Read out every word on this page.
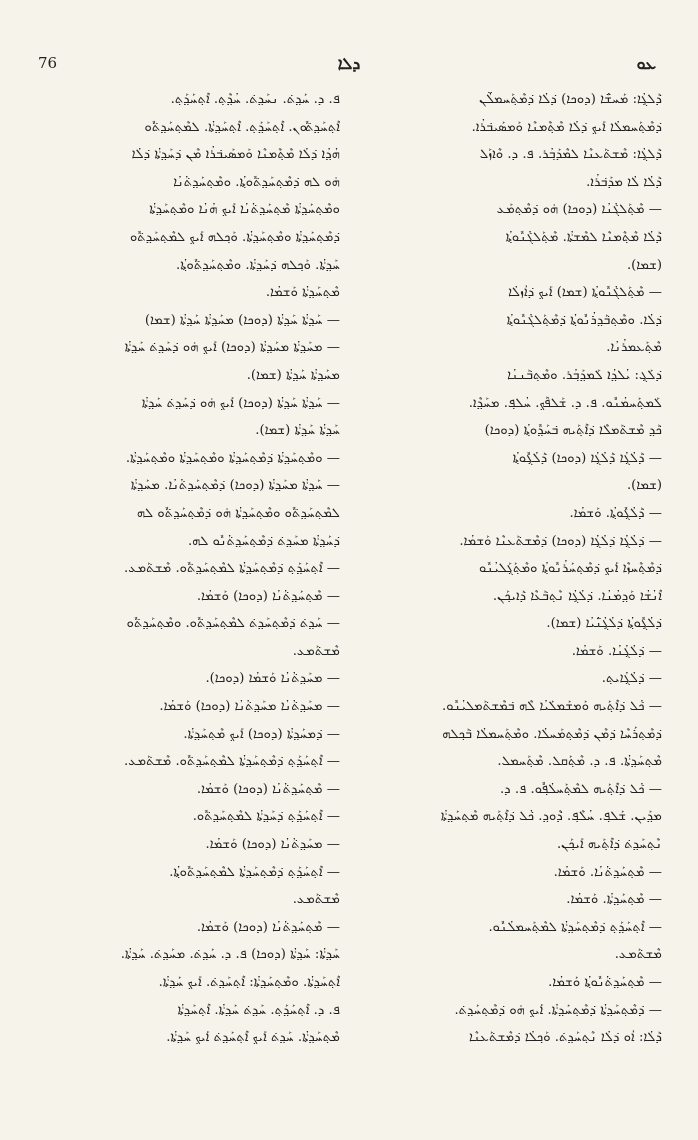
76	ܕܠܐ	ܥܘ
ܕ݁ܰܠܓ݂ܳܐ: ܡܰܚܫ̈ܳܐ (ܕܘܟܐ) ܕ݁ܠܳܐ ܕ݁ܡܶܬ݂ܰܚܡܠ̈ܳܢ
ܕ݁ܡܶܬ݂ܰܚܡܠܳܐ ܐܰܝܟ݂ ܕ݁ܠܳܐ ܡܶܬ݂ܶܡܢܶܐ ܘܰܡܣܰܝܒ݁ܪܳܐ.
ܕ݁ܰܠܓ݂ܳܐ: ܡܶܫܬ݁ܰܥܢܶܐ ܠܡܶܕܰܒ݂ܳܪ. ܦ. ܕ. ܘܶܐܙܰܠ
ܕ݁ܰܠܳܐ ܠܳܐ ܡܕܰܒ݁ܪܳܐ.
— ܡܶܬ݂ܰܠܓ݁ܳܢܳܐ (ܕܘܟܐ) ܗ̇ܘ ܕ݁ܡܶܬ݂ܡܰܥ
ܕ݁ܰܠܳܐ ܡܶܬ݂ܶܡܢܶܐ ܠܡܶܫܬ݁ܳܐ. ܡܶܬ݂ܰܠܓ݁ܳܢܽܘܬ݂ܳܐ
(ܫܡܐ).
— ܡܶܬ݂ܰܠܓ݁ܳܢܽܘܬ݂ܳܐ (ܫܡܐ) ܐܰܝܟ݂ ܕ݁ܐܳܙܠܳܐ
ܕ݁ܠܳܐ. ܘܡܶܬ݂ܒ݁ܰܕ݂ܪܳܢܽܘܬ݂ܳܐ ܕ݁ܡܶܬ݂ܰܠܓ݁ܳܢܽܘܬ݂ܳܐ
ܡܶܬ݂ܰܥܡܪܳܢܳܐ.
ܕ݁ܠܰܓ݂: ܝܳܠܕ݂ܳܐ ܠܰܡܕ݂ܰܒ݂ܳܪ. ܘܡܶܬ݂ܒ݁ܰܢܢܳܐ
ܠܰܡܬ݂ܰܚܡܳܢܽܘ. ܦ. ܕ. ܫܰܠܦ݁ܰܟ݂. ܚܳܠܦ݂. ܡܚܰܕ݂ܶܐ.
ܟ݁ܰܕ݂ ܡܶܫܬ݁ܰܡܠܶܐ ܕ݁ܐܶܬ݂ܰܝܗ ܒ݁ܚܰܕ݂ܽܘܬ݂ܳܐ (ܕܘܟܐ)
— ܕ݁ܰܠܳܓ݂ܳܐ ܕ݁ܰܠܳܓ݂ܳܐ (ܕܘܟܐ) ܕ݁ܰܠܳܓ݂ܽܘܬ݂ܳܐ
(ܫܡܐ).
— ܕ݁ܰܠܳܓ݂ܽܘܬ݂ܳܐ. ܘܰܫܡܳܐ.
— ܕ݁ܠܳܓ݂ܳܐ ܕ݁ܠܳܓ݂ܳܐ (ܕܘܟܐ) ܕ݁ܡܶܫܬ݁ܰܥܢܶܐ ܘܰܫܡܳܐ.
ܕ݁ܡܶܬ݂ܶܚܙܶܐ ܐܰܝܟ݂ ܕ݁ܡܶܬ݂ܚܰܪܳܢܽܘܬ݂ܳܐ ܘܡܶܬ݂ܰܓ݂ܰܠܝܳܢܽܘ
ܐܶܢܳܫܳܐ ܘܰܕ݂ܡܳܢܳܐ. ܕ݁ܠܳܓ݂ܳܐ ܢܶܬ݂ܒ݁ܰܥܶܐ ܕ݁ܰܐܝܟ݂ܰܢ.
ܕ݁ܠܳܓ݂ܽܘܬ݂ܳܐ ܕ݁ܠܳܓ݂ܳܢ̈ܳܝܳܐ (ܫܡܐ).
— ܕ݁ܠܳܓ݂ܳܢܳܐ. ܘܰܫܡܳܐ.
— ܕ݁ܠܳܓ݂ܳܐܝܬ݂.
— ܟ݁ܳܠ ܕ݁ܐܶܬ݂ܰܝܗ ܘܰܡܫܰܡܠܰܝܳܐ ܠܶܗ ܒ݁ܡܶܫܬ݁ܰܡܠܝܳܢܽܘ.
ܕ݁ܡܶܬ݂ܪܰܚܶܐ ܕ݁ܡܶܢ ܕ݁ܡܶܬ݂ܡܰܚܠܳܐ. ܘܡܶܬ݂ܰܚܡܠܳܐ ܒ݁ܰܟ݂ܠܗ
ܡܶܬ݂ܚܰܕ݂ܬ݁ܳܐ. ܦ. ܕ. ܡܶܬ݂ܰܩܠ. ܡܶܬ݂ܰܚܡܠ.
— ܟ݁ܳܠ ܕ݁ܐܶܬ݂ܰܝܗ ܠܡܶܬ݂ܰܚܠܳܦ݂ܽܘ. ܦ. ܕ.
ܡܕ݂ܰܝܢ. ܫܰܠܦ݂. ܚܳܠܶܦ݂. ܕ݁ܶܘܕ݂. ܟ݁ܳܠ ܕ݁ܐܶܬ݂ܰܝܗ ܡܶܬ݂ܚܰܕ݂ܬ݁ܳܐ
ܢܶܬ݂ܚܰܕ݂ܬ݁ ܕ݁ܐܶܬ݂ܰܝܗ ܐܰܝܟ݂ܰܢ.
— ܡܶܬ݂ܚܰܕ݂ܬ݁ܳܢܳܐ. ܘܰܫܡܳܐ.
— ܡܶܬ݂ܚܰܕ݂ܬ݁ܳܐ. ܘܰܫܡܳܐ.
— ܐܶܬ݂ܚܰܕ݂ܰܬ݂ ܕ݁ܡܶܬ݂ܚܰܕ݂ܬ݁ܳܐ ܠܡܶܬ݂ܰܚܡܠܳܢܽܘ.
ܡܶܫܬ݁ܰܡܥ.
— ܡܶܬ݂ܚܰܕ݂ܬ݁ܳܢܽܘܬ݂ܳܐ ܘܰܫܡܳܐ.
— ܕ݁ܡܶܬ݂ܚܰܕ݂ܬ݁ܳܐ ܕ݁ܡܶܬ݂ܚܰܕ݂ܬ݁ܳܐ. ܐܰܝܟ݂ ܗ̇ܘ ܕ݁ܡܶܬ݂ܚܰܕ݂ܬ݁.
ܕ݁ܰܠܳܐ: ܐܳܘ ܕ݁ܠܳܐ ܢܶܬ݂ܚܰܕ݂ܬ݁. ܘܰܟ݂ܠܳܐ ܕ݁ܡܶܫܬ݁ܰܥܢܶܐ
ܦ. ܕ. ܚܰܕ݂ܬ݁. ܢܚܰܕ݂ܬ݁. ܚܳܕ݂ܶܬ݂. ܐܶܬ݂ܚܰܕ݂ܰܬ݂.
ܐܶܬ݂ܚܰܕ݂ܬ݁ܽܘܢ. ܐܶܬ݂ܚܰܕ݂ܰܬ݂. ܐܶܬ݂ܚܰܕ݂ܬ݁ܳܐ. ܠܡܶܬ݂ܚܰܕ݂ܬ݁ܽܘ
ܗܳܕ݂ܳܐ ܕ݁ܠܳܐ ܡܶܬ݂ܶܡܢܶܐ ܘܰܡܣܰܝܒ݁ܪܳܐ ܡܶܢ ܕ݁ܚܰܕ݂ܬ݁ܳܐ ܕ݁ܠܳܐ
ܗ̇ܘ ܠܗ ܕ݁ܡܶܬ݂ܚܰܕ݂ܬ݁ܽܘܬ݂ܳܐ. ܘܡܶܬ݂ܚܰܕ݂ܬ݁ܳܢܳܐ
ܘܡܶܬ݂ܚܰܕ݂ܬ݁ܳܐ ܡܶܬ݂ܚܰܕ݂ܬ݁ܳܢܳܐ ܐܰܝܟ݂ ܗܳܢܳܐ ܘܡܶܬ݂ܚܰܕ݂ܬ݁ܳܐ
ܕ݁ܡܶܬ݂ܚܰܕ݂ܬ݁ܳܐ ܘܡܶܬ݂ܚܰܕ݂ܬ݁ܳܐ. ܘܰܟ݂ܠܗ ܐܰܝܟ݂ ܠܡܶܬ݂ܚܰܕ݂ܬ݁ܽܘ
ܚܰܕ݂ܬ݁ܳܐ. ܘܰܟ݂ܠܗ ܕ݁ܚܰܕ݂ܬ݁ܳܐ. ܘܡܶܬ݂ܚܰܕ݂ܬ݁ܽܘܬ݂ܳܐ.
ܡܶܬ݂ܚܰܕ݂ܬ݁ܳܐ ܘܰܫܡܳܐ.
— ܚܰܕ݂ܬ݁ܳܐ ܚܰܕ݂ܬ݁ܳܐ (ܕܘܟܐ) ܡܚܰܕ݂ܬ݁ܳܐ ܚܰܕ݂ܬ݁ܳܐ (ܫܡܐ)
— ܡܚܰܕ݂ܬ݁ܳܐ ܡܚܰܕ݂ܬ݁ܳܐ (ܕܘܟܐ) ܐܰܝܟ݂ ܗ̇ܘ ܕ݁ܚܰܕ݂ܬ݁ ܚܰܕ݂ܬ݁ܳܐ
ܡܚܰܕ݂ܬ݁ܳܐ ܚܰܕ݂ܬ݁ܳܐ (ܫܡܐ).
— ܚܰܕ݂ܬ݁ܳܐ ܚܰܕ݂ܬ݁ܳܐ (ܕܘܟܐ) ܐܰܝܟ݂ ܗ̇ܘ ܕ݁ܚܰܕ݂ܬ݁ ܚܰܕ݂ܬ݁ܳܐ
ܚܰܕ݂ܬ݁ܳܐ ܚܰܕ݂ܬ݁ܳܐ (ܫܡܐ).
— ܘܡܶܬ݂ܚܰܕ݂ܬ݁ܳܐ ܕ݁ܡܶܬ݂ܚܰܕ݂ܬ݁ܳܐ ܘܡܶܬ݂ܚܰܕ݂ܬ݁ܳܐ ܘܡܶܬ݂ܚܰܕ݂ܬ݁ܳܐ.
— ܚܰܕ݂ܬ݁ܳܐ ܡܚܰܕ݂ܬ݁ܳܐ (ܕܘܟܐ) ܕ݁ܡܶܬ݂ܚܰܕ݂ܬ݁ܳܢܳܐ. ܡܚܰܕ݂ܬ݁ܳܐ
ܠܡܶܬ݂ܚܰܕ݂ܬ݁ܽܘ ܘܡܶܬ݂ܚܰܕ݂ܬ݁ܳܐ ܗ̇ܘ ܕ݁ܡܶܬ݂ܚܰܕ݂ܬ݁ܽܘ ܠܗ
ܕ݁ܚܰܕ݂ܬ݁ܳܐ ܡܚܰܕ݂ܬ݁ ܕ݁ܡܶܬ݂ܚܰܕ݂ܬ݁ܳܢܽܘ ܠܗ.
— ܐܶܬ݂ܚܰܕ݂ܰܬ݂ ܕ݁ܡܶܬ݂ܚܰܕ݂ܬ݁ܳܐ ܠܡܶܬ݂ܚܰܕ݂ܬ݁ܽܘ. ܡܶܫܬ݁ܰܡܥ.
— ܡܶܬ݂ܚܰܕ݂ܬ݁ܳܢܳܐ (ܕܘܟܐ) ܘܰܫܡܳܐ.
— ܚܰܕ݂ܬ݁ ܕ݁ܡܶܬ݂ܚܰܕ݂ܬ݁ ܠܡܶܬ݂ܚܰܕ݂ܬ݁ܽܘ. ܘܡܶܬ݂ܚܰܕ݂ܬ݁ܽܘ
ܡܶܫܬ݁ܰܡܥ.
— ܡܚܰܕ݂ܬ݁ܳܢܳܐ ܘܰܫܡܳܐ (ܕܘܟܐ).
— ܡܚܰܕ݂ܬ݁ܳܢܳܐ ܡܚܰܕ݂ܬ݁ܳܢܳܐ (ܕܘܟܐ) ܘܰܫܡܳܐ.
— ܕ݁ܡܚܰܕ݂ܬ݁ܳܐ (ܕܘܟܐ) ܐܰܝܟ݂ ܡܶܬ݂ܚܰܕ݂ܬ݁ܳܐ.
— ܐܶܬ݂ܚܰܕ݂ܰܬ݂ ܕ݁ܡܶܬ݂ܚܰܕ݂ܬ݁ܳܐ ܠܡܶܬ݂ܚܰܕ݂ܬ݁ܽܘ. ܡܶܫܬ݁ܰܡܥ.
— ܡܶܬ݂ܚܰܕ݂ܬ݁ܳܢܳܐ (ܕܘܟܐ) ܘܰܫܡܳܐ.
— ܐܶܬ݂ܚܰܕ݂ܰܬ݂ ܕ݁ܚܰܕ݂ܬ݁ܳܐ ܠܡܶܬ݂ܚܰܕ݂ܬ݁ܽܘ.
— ܡܚܰܕ݂ܬ݁ܳܢܳܐ (ܕܘܟܐ) ܘܰܫܡܳܐ.
— ܐܶܬ݂ܚܰܕ݂ܰܬ݂ ܕ݁ܡܶܬ݂ܚܰܕ݂ܬ݁ܳܐ ܠܡܶܬ݂ܚܰܕ݂ܬ݁ܽܘܬ݂ܳܐ.
ܡܶܫܬ݁ܰܡܥ.
— ܡܶܬ݂ܚܰܕ݂ܬ݁ܳܢܳܐ (ܕܘܟܐ) ܘܰܫܡܳܐ.
ܚܰܕ݂ܬ݁ܳܐ: ܚܰܕ݂ܬ݁ܳܐ (ܕܘܟܐ) ܦ. ܕ. ܚܰܕ݂ܬ݁. ܡܚܰܕ݂ܬ݁. ܚܰܕ݂ܬ݁ܳܐ.
ܐܶܬ݂ܚܰܕ݂ܬ݁ܳܐ. ܘܡܶܬ݂ܚܰܕ݂ܬ݁ܳܐ: ܐܶܬ݂ܚܰܕ݂ܬ݁. ܐܰܝܟ݂ ܚܰܕ݂ܬ݁ܳܐ.
ܦ. ܕ. ܐܶܬ݂ܚܰܕ݂ܰܬ݂. ܚܰܕ݂ܬ݁ ܚܰܕ݂ܬ݁ܳܐ. ܐܶܬ݂ܚܰܕ݂ܬ݁ܳܐ
ܡܶܬ݂ܚܰܕ݂ܬ݁ܳܐ. ܚܰܕ݂ܬ݁ ܐܰܝܟ݂ ܐܶܬ݂ܚܰܕ݂ܬ݁ ܐܰܝܟ݂ ܚܰܕ݂ܬ݁ܳܐ.
